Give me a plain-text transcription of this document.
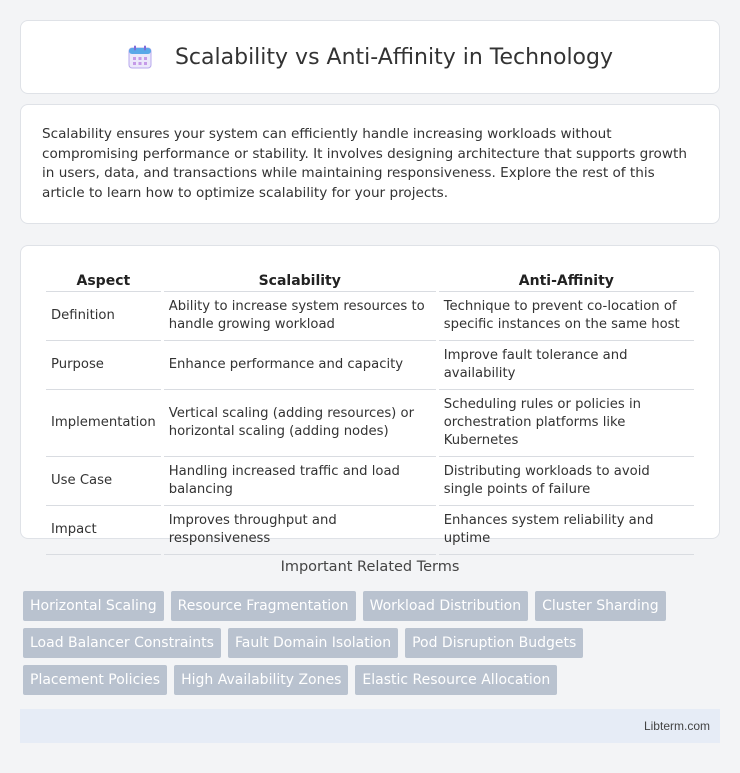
Scalability vs Anti-Affinity in Technology

Scalability ensures your system can efficiently handle increasing workloads without compromising performance or stability. It involves designing architecture that supports growth in users, data, and transactions while maintaining responsiveness. Explore the rest of this article to learn how to optimize scalability for your projects.

Aspect	Scalability	Anti-Affinity
Definition	Ability to increase system resources to handle growing workload	Technique to prevent co-location of specific instances on the same host
Purpose	Enhance performance and capacity	Improve fault tolerance and availability
Implementation	Vertical scaling (adding resources) or horizontal scaling (adding nodes)	Scheduling rules or policies in orchestration platforms like Kubernetes
Use Case	Handling increased traffic and load balancing	Distributing workloads to avoid single points of failure
Impact	Improves throughput and responsiveness	Enhances system reliability and uptime
Important Related Terms
Horizontal Scaling	Resource Fragmentation	Workload Distribution	Cluster Sharding
Load Balancer Constraints	Fault Domain Isolation	Pod Disruption Budgets
Placement Policies	High Availability Zones	Elastic Resource Allocation
Libterm.com
